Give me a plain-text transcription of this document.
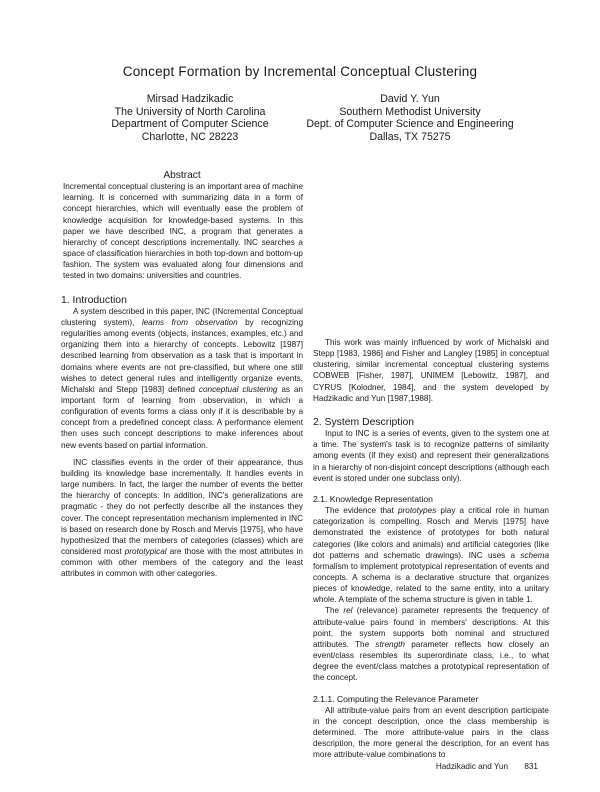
Concept Formation by Incremental Conceptual Clustering
Mirsad Hadzikadic
The University of North Carolina
Department of Computer Science
Charlotte, NC 28223
David Y. Yun
Southern Methodist University
Dept. of Computer Science and Engineering
Dallas, TX 75275

Abstract

Incremental conceptual clustering is an important area of machine learning. It is concerned with summarizing data in a form of concept hierarchies, which will eventually ease the problem of knowledge acquisition for knowledge-based systems. In this paper we have described INC, a program that generates a hierarchy of concept descriptions incrementally. INC searches a space of classification hierarchies in both top-down and bottom-up fashion. The system was evaluated along four dimensions and tested in two domains: universities and countries.

1. Introduction

A system described in this paper, INC (INcremental Conceptual clustering system), learns from observation by recognizing regularities among events (objects, instances, examples, etc.) and organizing them into a hierarchy of concepts. Lebowitz [1987] described learning from observation as a task that is important in domains where events are not pre-classified, but where one still wishes to detect general rules and intelligently organize events. Michalski and Stepp [1983] defined conceptual clustering as an important form of learning from observation, in which a configuration of events forms a class only if it is describable by a concept from a predefined concept class. A performance element then uses such concept descriptions to make inferences about new events based on partial information.

INC classifies events in the order of their appearance, thus building its knowledge base incrementally. It handles events in large numbers. In fact, the larger the number of events the better the hierarchy of concepts. In addition, INC's generalizations are pragmatic - they do not perfectly describe all the instances they cover. The concept representation mechanism implemented in INC is based on research done by Rosch and Mervis [1975], who have hypothesized that the members of categories (classes) which are considered most prototypical are those with the most attributes in common with other members of the category and the least attributes in common with other categories.

This work was mainly influenced by work of Michalski and Stepp [1983, 1986] and Fisher and Langley [1985] in conceptual clustering, similar incremental conceptual clustering systems COBWEB [Fisher, 1987], UNIMEM [Lebowitz, 1987], and CYRUS [Kolodner, 1984], and the system developed by Hadzikadic and Yun [1987,1988].

2. System Description

Input to INC is a series of events, given to the system one at a time. The system's task is to recognize patterns of similarity among events (if they exist) and represent their generalizations in a hierarchy of non-disjoint concept descriptions (although each event is stored under one subclass only).

2.1. Knowledge Representation

The evidence that prototypes play a critical role in human categorization is compelling. Rosch and Mervis [1975] have demonstrated the existence of prototypes for both natural categories (like colors and animals) and artificial categories (like dot patterns and schematic drawings). INC uses a schema formalism to implement prototypical representation of events and concepts. A schema is a declarative structure that organizes pieces of knowledge, related to the same entity, into a unitary whole. A template of the schema structure is given in table 1.

The rel (relevance) parameter represents the frequency of attribute-value pairs found in members' descriptions. At this point, the system supports both nominal and structured attributes. The strength parameter reflects how closely an event/class resembles its superordinate class, i.e., to what degree the event/class matches a prototypical representation of the concept.

2.1.1. Computing the Relevance Parameter

All attribute-value pairs from an event description participate in the concept description, once the class membership is determined. The more attribute-value pairs in the class description, the more general the description, for an event has more attribute-value combinations to

Hadzikadic and Yun 831
